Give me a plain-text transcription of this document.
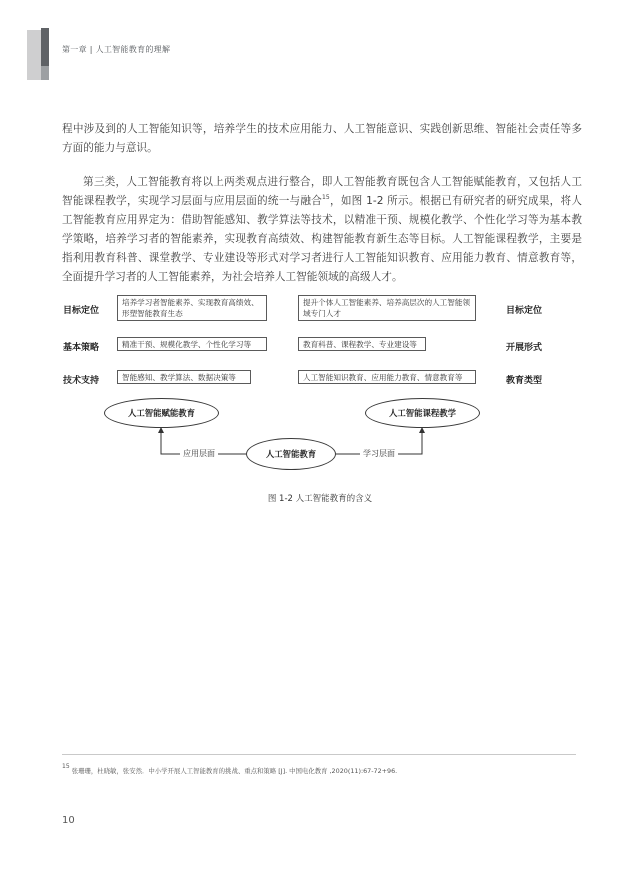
第一章 | 人工智能教育的理解

程中涉及到的人工智能知识等，培养学生的技术应用能力、人工智能意识、实践创新思维、智能社会责任等多方面的能力与意识。

第三类，人工智能教育将以上两类观点进行整合，即人工智能教育既包含人工智能赋能教育，又包括人工智能课程教学，实现学习层面与应用层面的统一与融合$^{15}$，如图 1-2 所示。根据已有研究者的研究成果，将人工智能教育应用界定为：借助智能感知、教学算法等技术，以精准干预、规模化教学、个性化学习等为基本教学策略，培养学习者的智能素养，实现教育高绩效、构建智能教育新生态等目标。人工智能课程教学，主要是指利用教育科普、课堂教学、专业建设等形式对学习者进行人工智能知识教育、应用能力教育、情意教育等，全面提升学习者的人工智能素养，为社会培养人工智能领域的高级人才。

目标定位
基本策略
技术支持
目标定位
开展形式
教育类型
培养学习者智能素养、实现教育高绩效、形塑智能教育生态
精准干预、规模化教学、个性化学习等
智能感知、教学算法、数据决策等
提升个体人工智能素养、培养高层次的人工智能领域专门人才
教育科普、课程教学、专业建设等
人工智能知识教育、应用能力教育、情意教育等
人工智能赋能教育	人工智能课程教学
人工智能教育
应用层面	学习层面
图 1-2 人工智能教育的含义
$^{15}$ 张珊珊，杜晓敏，张安然．中小学开展人工智能教育的挑战、重点和策略 [J]. 中国电化教育 ,2020(11):67-72+96.
10
